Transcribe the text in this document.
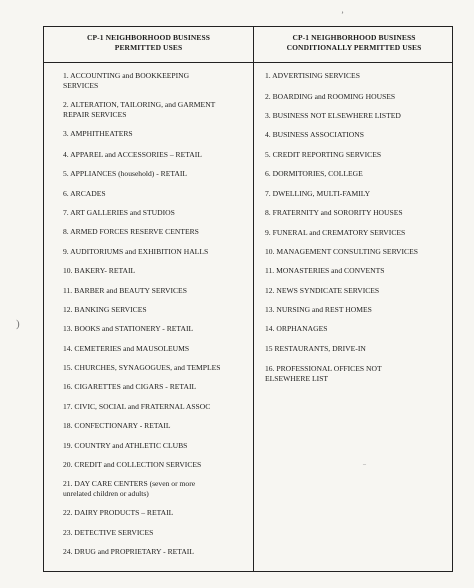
CP-1 NEIGHBORHOOD BUSINESS
PERMITTED USES
CP-1 NEIGHBORHOOD BUSINESS
CONDITIONALLY PERMITTED USES
1. ACCOUNTING and BOOKKEEPING
SERVICES
2. ALTERATION, TAILORING, and GARMENT
REPAIR SERVICES
3. AMPHITHEATERS
4. APPAREL and ACCESSORIES – RETAIL
5. APPLIANCES (household) - RETAIL
6. ARCADES
7. ART GALLERIES and STUDIOS
8. ARMED FORCES RESERVE CENTERS
9. AUDITORIUMS and EXHIBITION HALLS
10. BAKERY- RETAIL
11. BARBER and BEAUTY SERVICES
12. BANKING SERVICES
13. BOOKS and STATIONERY - RETAIL
14. CEMETERIES and MAUSOLEUMS
15. CHURCHES, SYNAGOGUES, and TEMPLES
16. CIGARETTES and CIGARS - RETAIL
17. CIVIC, SOCIAL and FRATERNAL ASSOC
18. CONFECTIONARY - RETAIL
19. COUNTRY and ATHLETIC CLUBS
20. CREDIT and COLLECTION SERVICES
21. DAY CARE CENTERS (seven or more
unrelated children or adults)
22. DAIRY PRODUCTS – RETAIL
23. DETECTIVE SERVICES
24. DRUG and PROPRIETARY - RETAIL
1. ADVERTISING SERVICES
2. BOARDING and ROOMING HOUSES
3. BUSINESS NOT ELSEWHERE LISTED
4. BUSINESS ASSOCIATIONS
5. CREDIT REPORTING SERVICES
6. DORMITORIES, COLLEGE
7. DWELLING, MULTI-FAMILY
8. FRATERNITY and SORORITY HOUSES
9. FUNERAL and CREMATORY SERVICES
10. MANAGEMENT CONSULTING SERVICES
11. MONASTERIES and CONVENTS
12. NEWS SYNDICATE SERVICES
13. NURSING and REST HOMES
14. ORPHANAGES
15 RESTAURANTS, DRIVE-IN
16. PROFESSIONAL OFFICES NOT
ELSEWHERE LIST
ʼ
–
)
